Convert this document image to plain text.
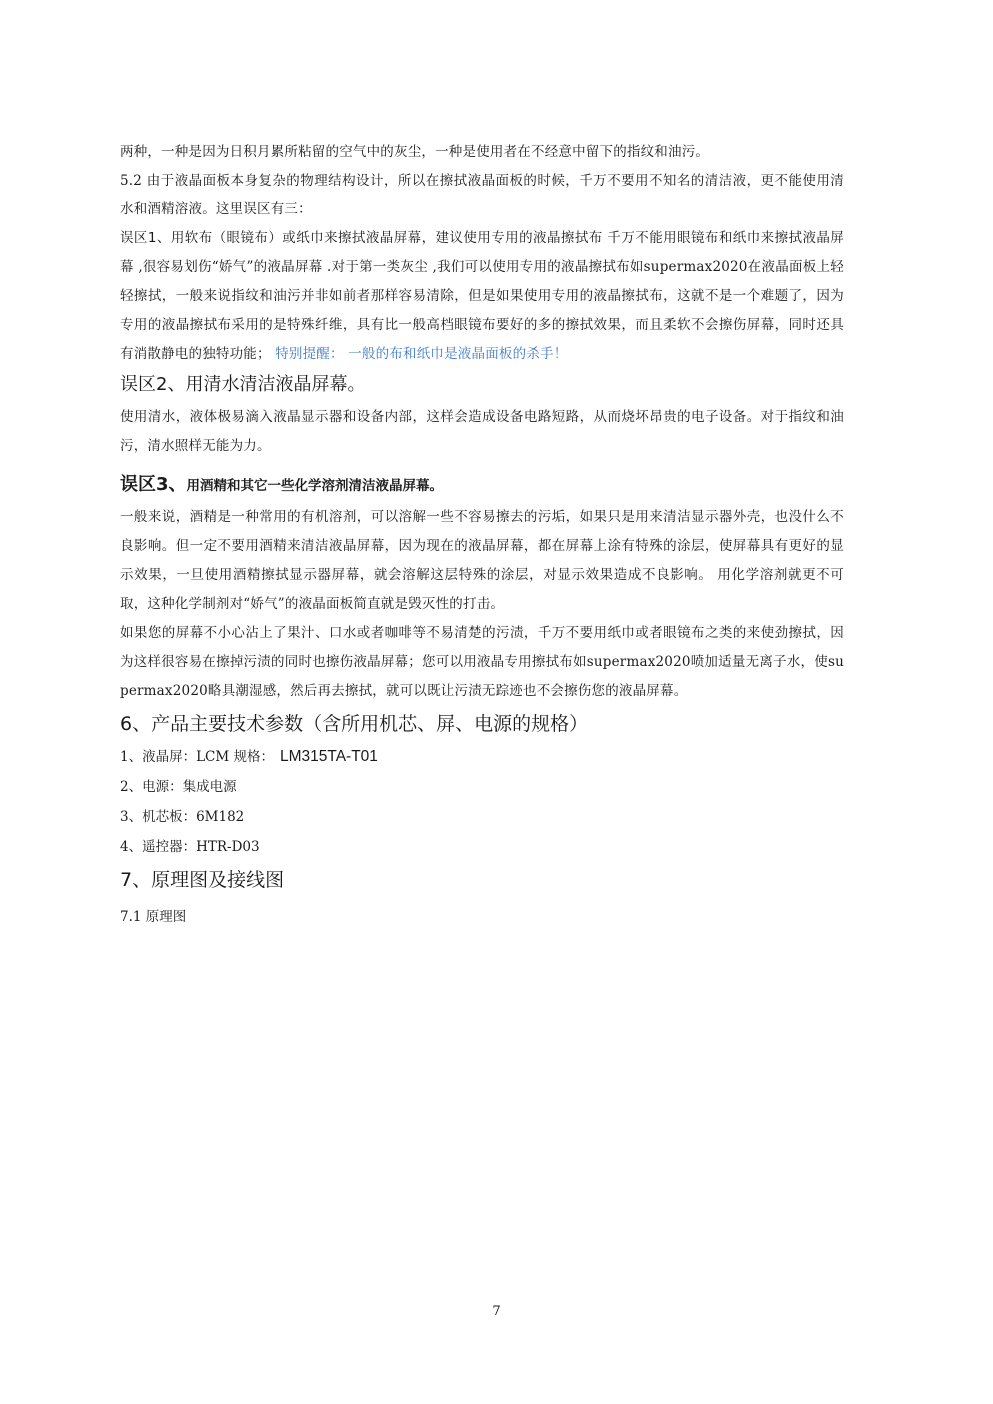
两种，一种是因为日积月累所粘留的空气中的灰尘，一种是使用者在不经意中留下的指纹和油污。

5.2 由于液晶面板本身复杂的物理结构设计，所以在擦拭液晶面板的时候，千万不要用不知名的清洁液，更不能使用清水和酒精溶液。这里误区有三：

误区1、用软布（眼镜布）或纸巾来擦拭液晶屏幕，建议使用专用的液晶擦拭布 千万不能用眼镜布和纸巾来擦拭液晶屏幕 ,很容易划伤“娇气”的液晶屏幕 .对于第一类灰尘 ,我们可以使用专用的液晶擦拭布如supermax2020在液晶面板上轻轻擦拭，一般来说指纹和油污并非如前者那样容易清除，但是如果使用专用的液晶擦拭布，这就不是一个难题了，因为专用的液晶擦拭布采用的是特殊纤维，具有比一般高档眼镜布要好的多的擦拭效果，而且柔软不会擦伤屏幕，同时还具有消散静电的独特功能； 特别提醒： 一般的布和纸巾是液晶面板的杀手！

误区2、用清水清洁液晶屏幕。

使用清水，液体极易滴入液晶显示器和设备内部，这样会造成设备电路短路，从而烧坏昂贵的电子设备。对于指纹和油污，清水照样无能为力。

误区3、用酒精和其它一些化学溶剂清洁液晶屏幕。

一般来说，酒精是一种常用的有机溶剂，可以溶解一些不容易擦去的污垢，如果只是用来清洁显示器外壳，也没什么不良影响。但一定不要用酒精来清洁液晶屏幕，因为现在的液晶屏幕，都在屏幕上涂有特殊的涂层，使屏幕具有更好的显示效果，一旦使用酒精擦拭显示器屏幕，就会溶解这层特殊的涂层，对显示效果造成不良影响。 用化学溶剂就更不可取，这种化学制剂对“娇气”的液晶面板简直就是毁灭性的打击。

如果您的屏幕不小心沾上了果汁、口水或者咖啡等不易清楚的污渍，千万不要用纸巾或者眼镜布之类的来使劲擦拭，因为这样很容易在擦掉污渍的同时也擦伤液晶屏幕；您可以用液晶专用擦拭布如supermax2020喷加适量无离子水，使supermax2020略具潮湿感，然后再去擦拭，就可以既让污渍无踪迹也不会擦伤您的液晶屏幕。

6、产品主要技术参数（含所用机芯、屏、电源的规格）

1、液晶屏：LCM 规格： LM315TA-T01

2、电源：集成电源

3、机芯板：6M182

4、遥控器：HTR-D03

7、原理图及接线图

7.1 原理图

7
